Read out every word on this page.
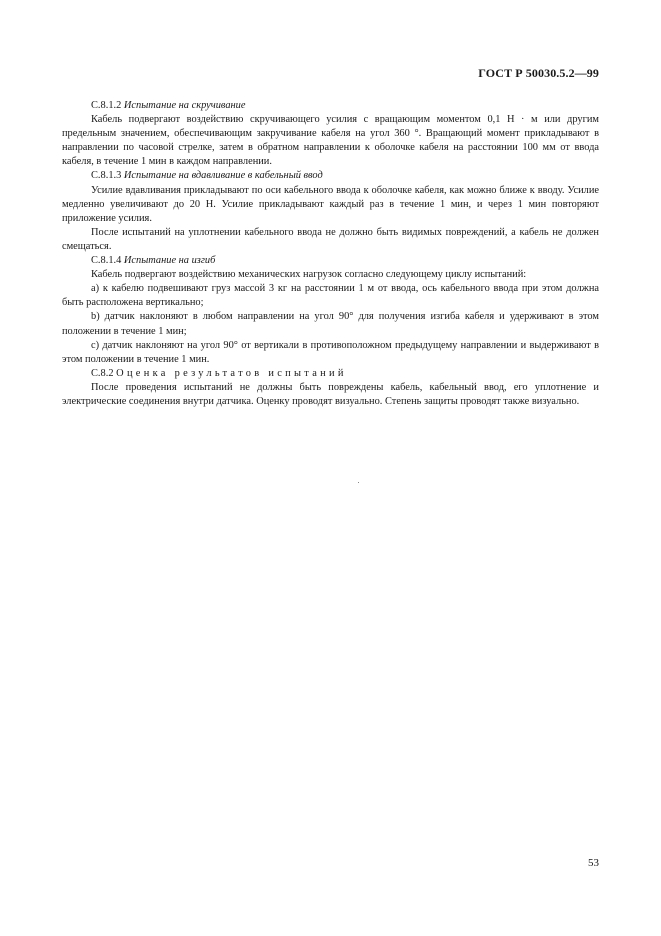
ГОСТ Р 50030.5.2—99

С.8.1.2 Испытание на скручивание

Кабель подвергают воздействию скручивающего усилия с вращающим моментом 0,1 Н · м или другим предельным значением, обеспечивающим закручивание кабеля на угол 360 °. Вращающий момент прикладывают в направлении по часовой стрелке, затем в обратном направлении к оболочке кабеля на расстоянии 100 мм от ввода кабеля, в течение 1 мин в каждом направлении.

С.8.1.3 Испытание на вдавливание в кабельный ввод

Усилие вдавливания прикладывают по оси кабельного ввода к оболочке кабеля, как можно ближе к вводу. Усилие медленно увеличивают до 20 Н. Усилие прикладывают каждый раз в течение 1 мин, и через 1 мин повторяют приложение усилия.

После испытаний на уплотнении кабельного ввода не должно быть видимых повреждений, а кабель не должен смещаться.

С.8.1.4 Испытание на изгиб

Кабель подвергают воздействию механических нагрузок согласно следующему циклу испытаний:

а) к кабелю подвешивают груз массой 3 кг на расстоянии 1 м от ввода, ось кабельного ввода при этом должна быть расположена вертикально;

b) датчик наклоняют в любом направлении на угол 90° для получения изгиба кабеля и удерживают в этом положении в течение 1 мин;

с) датчик наклоняют на угол 90° от вертикали в противоположном предыдущему направлении и выдерживают в этом положении в течение 1 мин.

С.8.2 Оценка результатов испытаний

После проведения испытаний не должны быть повреждены кабель, кабельный ввод, его уплотнение и электрические соединения внутри датчика. Оценку проводят визуально. Степень защиты проводят также визуально.

53
